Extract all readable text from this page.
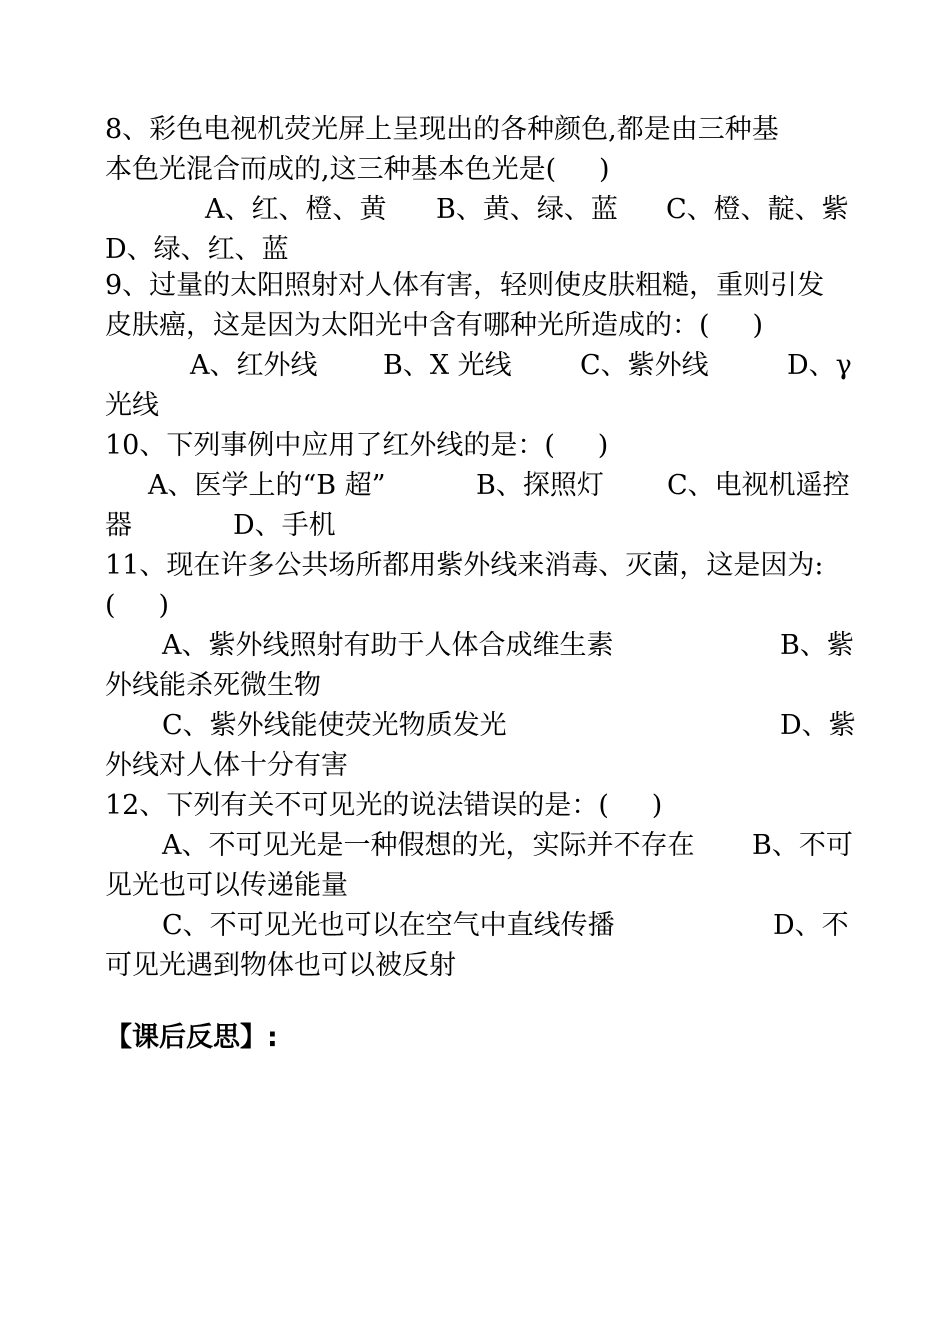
8、彩色电视机荧光屏上呈现出的各种颜色,都是由三种基
本色光混合而成的,这三种基本色光是(     )
A、红、橙、黄 B、黄、绿、蓝 C、橙、靛、紫
D、绿、红、蓝
9、过量的太阳照射对人体有害，轻则使皮肤粗糙，重则引发
皮肤癌，这是因为太阳光中含有哪种光所造成的：(     )
A、红外线 B、X 光线	C、紫外线	D、γ
光线
10、下列事例中应用了红外线的是：(     )
A、医学上的“B 超”	B、探照灯 C、电视机遥控
器	D、手机
11、现在许多公共场所都用紫外线来消毒、灭菌，这是因为:
(     )
A、紫外线照射有助于人体合成维生素	B、紫
外线能杀死微生物
C、紫外线能使荧光物质发光	D、紫
外线对人体十分有害
12、下列有关不可见光的说法错误的是：(     )
A、不可见光是一种假想的光，实际并不存在 B、不可
见光也可以传递能量
C、不可见光也可以在空气中直线传播	D、不
可见光遇到物体也可以被反射
【课后反思】:
